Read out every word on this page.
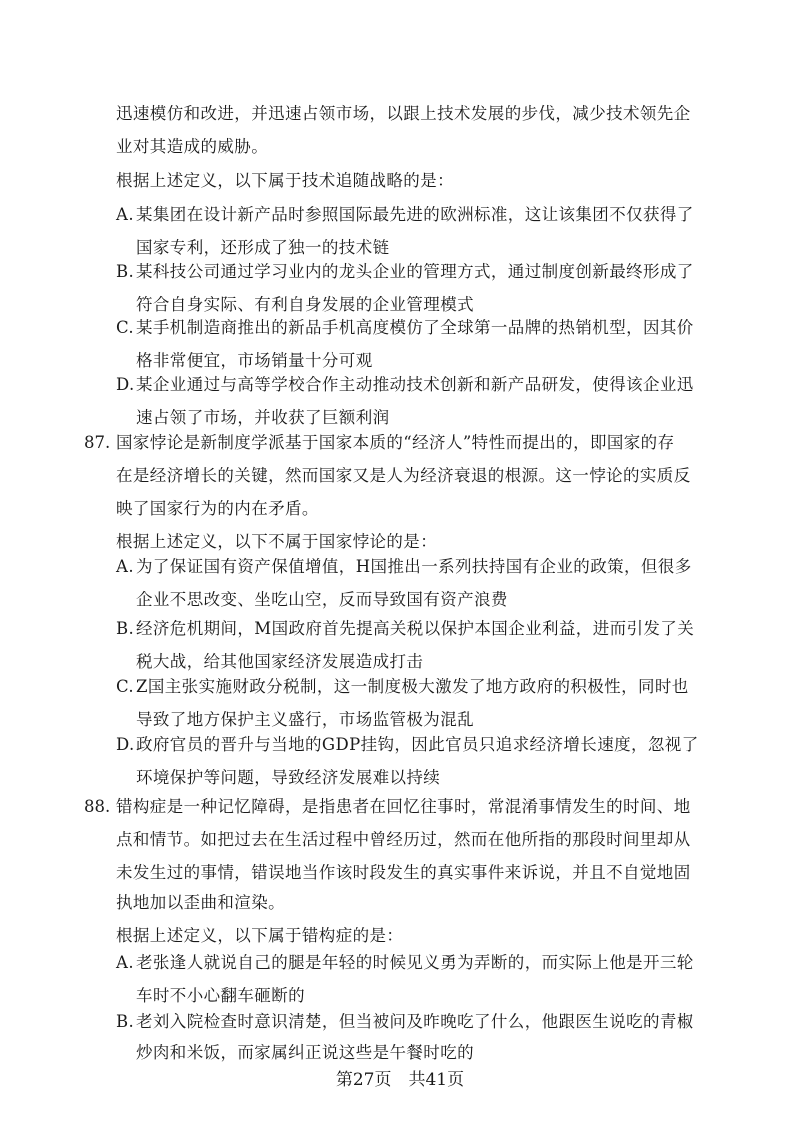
迅速模仿和改进，并迅速占领市场，以跟上技术发展的步伐，减少技术领先企
业对其造成的威胁。
根据上述定义，以下属于技术追随战略的是：
A. 某集团在设计新产品时参照国际最先进的欧洲标准，这让该集团不仅获得了
国家专利，还形成了独一的技术链
B. 某科技公司通过学习业内的龙头企业的管理方式，通过制度创新最终形成了
符合自身实际、有利自身发展的企业管理模式
C. 某手机制造商推出的新品手机高度模仿了全球第一品牌的热销机型，因其价
格非常便宜，市场销量十分可观
D. 某企业通过与高等学校合作主动推动技术创新和新产品研发，使得该企业迅
速占领了市场，并收获了巨额利润
87. 国家悖论是新制度学派基于国家本质的“经济人”特性而提出的，即国家的存
在是经济增长的关键，然而国家又是人为经济衰退的根源。这一悖论的实质反
映了国家行为的内在矛盾。
根据上述定义，以下不属于国家悖论的是：
A. 为了保证国有资产保值增值，H国推出一系列扶持国有企业的政策，但很多
企业不思改变、坐吃山空，反而导致国有资产浪费
B. 经济危机期间，M国政府首先提高关税以保护本国企业利益，进而引发了关
税大战，给其他国家经济发展造成打击
C. Z国主张实施财政分税制，这一制度极大激发了地方政府的积极性，同时也
导致了地方保护主义盛行，市场监管极为混乱
D. 政府官员的晋升与当地的GDP挂钩，因此官员只追求经济增长速度，忽视了
环境保护等问题，导致经济发展难以持续
88. 错构症是一种记忆障碍，是指患者在回忆往事时，常混淆事情发生的时间、地
点和情节。如把过去在生活过程中曾经历过，然而在他所指的那段时间里却从
未发生过的事情，错误地当作该时段发生的真实事件来诉说，并且不自觉地固
执地加以歪曲和渲染。
根据上述定义，以下属于错构症的是：
A. 老张逢人就说自己的腿是年轻的时候见义勇为弄断的，而实际上他是开三轮
车时不小心翻车砸断的
B. 老刘入院检查时意识清楚，但当被问及昨晚吃了什么，他跟医生说吃的青椒
炒肉和米饭，而家属纠正说这些是午餐时吃的
第27页　共41页
